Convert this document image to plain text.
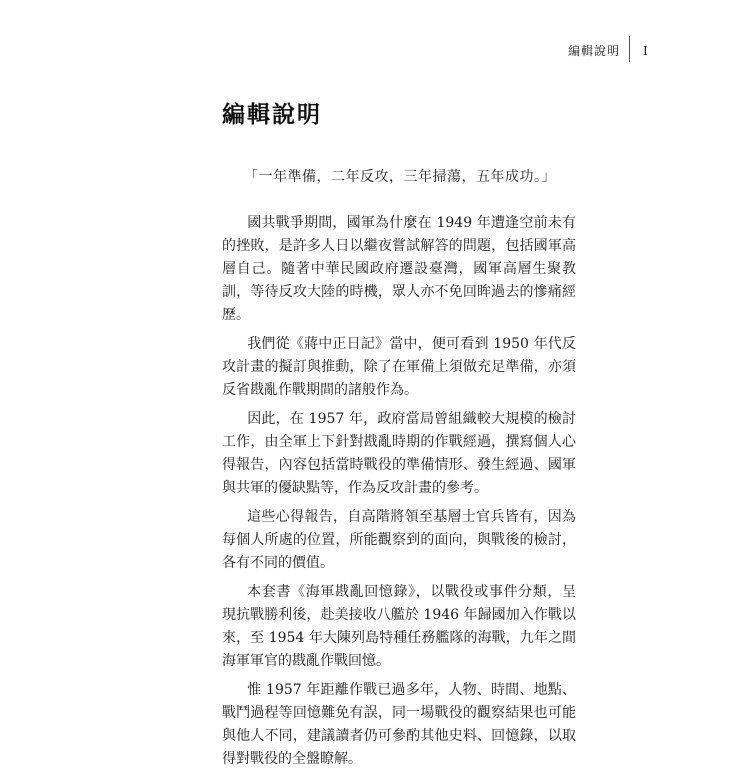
編輯說明 I
編輯說明

「一年準備，二年反攻，三年掃蕩，五年成功。」

國共戰爭期間，國軍為什麼在 1949 年遭逢空前未有的挫敗，是許多人日以繼夜嘗試解答的問題，包括國軍高層自己。隨著中華民國政府遷設臺灣，國軍高層生聚教訓，等待反攻大陸的時機，眾人亦不免回眸過去的慘痛經歷。

我們從《蔣中正日記》當中，便可看到 1950 年代反攻計畫的擬訂與推動，除了在軍備上須做充足準備，亦須反省戡亂作戰期間的諸般作為。

因此，在 1957 年，政府當局曾組織較大規模的檢討工作，由全軍上下針對戡亂時期的作戰經過，撰寫個人心得報告，內容包括當時戰役的準備情形、發生經過、國軍與共軍的優缺點等，作為反攻計畫的參考。

這些心得報告，自高階將領至基層士官兵皆有，因為每個人所處的位置，所能觀察到的面向，與戰後的檢討，各有不同的價值。

本套書《海軍戡亂回憶錄》，以戰役或事件分類，呈現抗戰勝利後，赴美接收八艦於 1946 年歸國加入作戰以來，至 1954 年大陳列島特種任務艦隊的海戰，九年之間海軍軍官的戡亂作戰回憶。

惟 1957 年距離作戰已過多年，人物、時間、地點、戰鬥過程等回憶難免有誤，同一場戰役的觀察結果也可能與他人不同，建議讀者仍可參酌其他史料、回憶錄，以取得對戰役的全盤瞭解。
